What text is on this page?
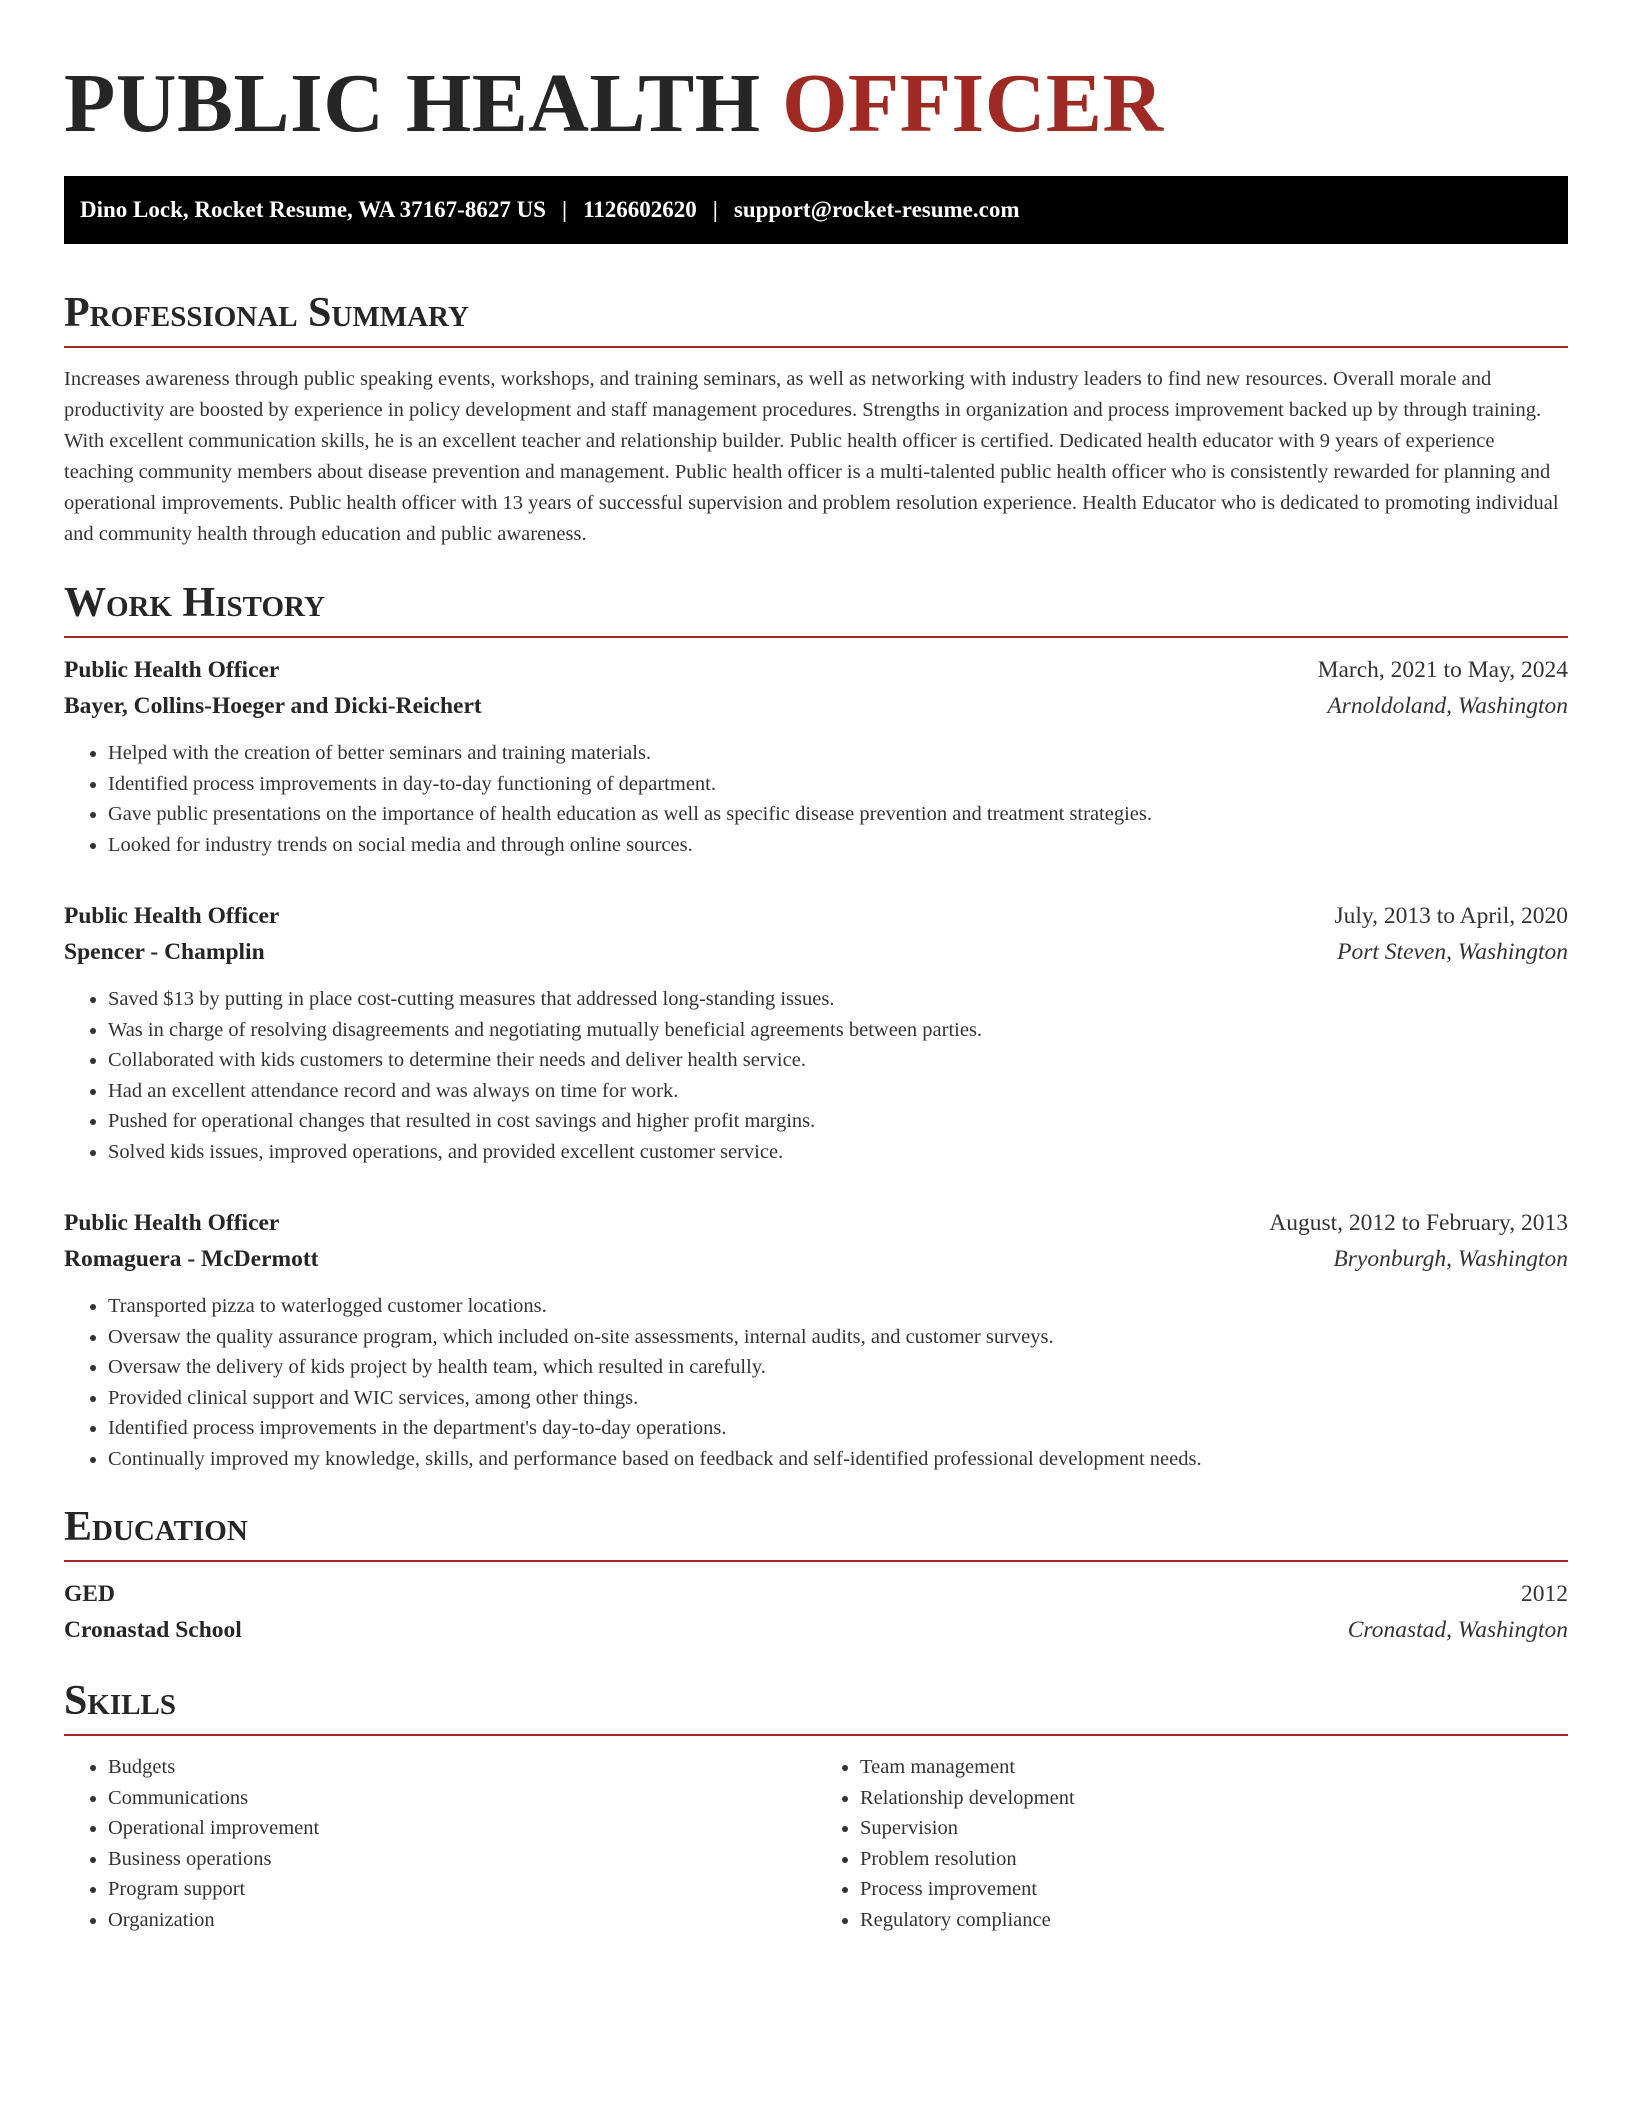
PUBLIC HEALTH OFFICER
Dino Lock, Rocket Resume, WA 37167-8627 US | 1126602620 | support@rocket-resume.com
Professional Summary

Increases awareness through public speaking events, workshops, and training seminars, as well as networking with industry leaders to find new resources. Overall morale and productivity are boosted by experience in policy development and staff management procedures. Strengths in organization and process improvement backed up by through training. With excellent communication skills, he is an excellent teacher and relationship builder. Public health officer is certified. Dedicated health educator with 9 years of experience teaching community members about disease prevention and management. Public health officer is a multi-talented public health officer who is consistently rewarded for planning and operational improvements. Public health officer with 13 years of successful supervision and problem resolution experience. Health Educator who is dedicated to promoting individual and community health through education and public awareness.

Work History
Public Health Officer	March, 2021 to May, 2024
Bayer, Collins-Hoeger and Dicki-Reichert	Arnoldoland, Washington
• Helped with the creation of better seminars and training materials.
• Identified process improvements in day-to-day functioning of department.
• Gave public presentations on the importance of health education as well as specific disease prevention and treatment strategies.
• Looked for industry trends on social media and through online sources.
Public Health Officer	July, 2013 to April, 2020
Spencer - Champlin	Port Steven, Washington
• Saved $13 by putting in place cost-cutting measures that addressed long-standing issues.
• Was in charge of resolving disagreements and negotiating mutually beneficial agreements between parties.
• Collaborated with kids customers to determine their needs and deliver health service.
• Had an excellent attendance record and was always on time for work.
• Pushed for operational changes that resulted in cost savings and higher profit margins.
• Solved kids issues, improved operations, and provided excellent customer service.
Public Health Officer	August, 2012 to February, 2013
Romaguera - McDermott	Bryonburgh, Washington
• Transported pizza to waterlogged customer locations.
• Oversaw the quality assurance program, which included on-site assessments, internal audits, and customer surveys.
• Oversaw the delivery of kids project by health team, which resulted in carefully.
• Provided clinical support and WIC services, among other things.
• Identified process improvements in the department's day-to-day operations.
• Continually improved my knowledge, skills, and performance based on feedback and self-identified professional development needs.
Education
GED	2012
Cronastad School	Cronastad, Washington
Skills
• Budgets
• Communications
• Operational improvement
• Business operations
• Program support
• Organization
• Team management
• Relationship development
• Supervision
• Problem resolution
• Process improvement
• Regulatory compliance
